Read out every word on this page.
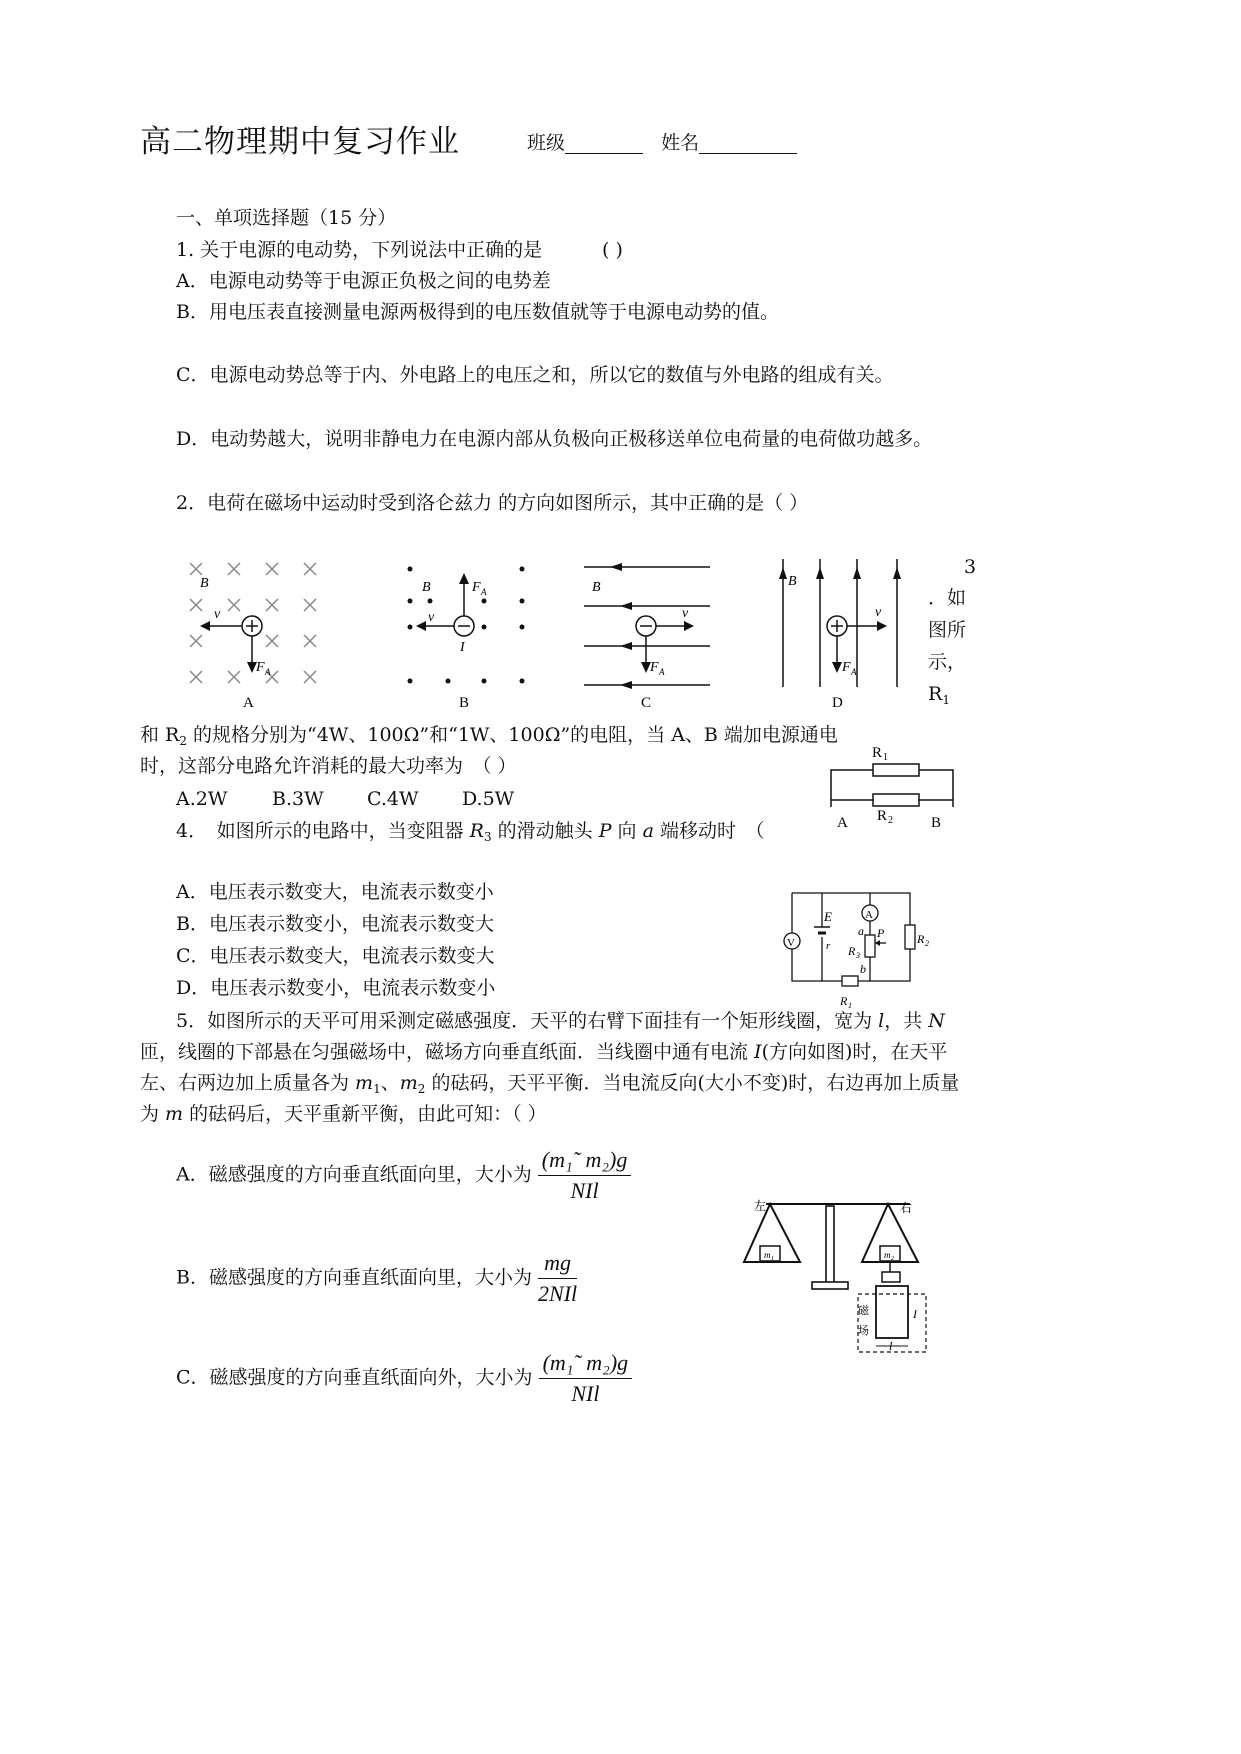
高二物理期中复习作业	班级	姓名
一、单项选择题（15 分）
1. 关于电源的电动势，下列说法中正确的是	( )
A．电源电动势等于电源正负极之间的电势差
B．用电压表直接测量电源两极得到的电压数值就等于电源电动势的值。
C．电源电动势总等于内、外电路上的电压之和，所以它的数值与外电路的组成有关。
D．电动势越大，说明非静电力在电源内部从负极向正极移送单位电荷量的电荷做功越多。
2．电荷在磁场中运动时受到洛仑兹力 的方向如图所示，其中正确的是（ ）
B
v
F A
A
B
v
F A
I
B
B
v
F A
C
B
v
F A
D
3
．如
图所
示，
$R_1$
和 $R_2$ 的规格分别为“4W、100Ω”和“1W、100Ω”的电阻，当 A、B 端加电源通电
时，这部分电路允许消耗的最大功率为　（ ）
A.2W B.3W C.4W D.5W
R 1
R 2
A	B
4．　如图所示的电路中，当变阻器 $R_3$ 的滑动触头 P 向 a 端移动时　（
A．电压表示数变大，电流表示数变小
B．电压表示数变小，电流表示数变大
C．电压表示数变大，电流表示数变大
D．电压表示数变小，电流表示数变小
V
A
E
r
a
b
P
R 3
R 2
R 1
5．如图所示的天平可用采测定磁感强度．天平的右臂下面挂有一个矩形线圈，宽为 l，共 N
匝，线圈的下部悬在匀强磁场中，磁场方向垂直纸面．当线圈中通有电流 I(方向如图)时，在天平
左、右两边加上质量各为 $m_1$、$m_2$ 的砝码，天平平衡．当电流反向(大小不变)时，右边再加上质量
为 m 的砝码后，天平重新平衡，由此可知：（ ）
A．磁感强度的方向垂直纸面向里，大小为 $\frac{\text{(m₁˜ m₂)g}}{\text{NIl}}$
B．磁感强度的方向垂直纸面向里，大小为 $\frac{mg}{\text{2NIl}}$
C．磁感强度的方向垂直纸面向外，大小为 $\frac{\text{(m₁˜ m₂)g}}{\text{NIl}}$
左	右
m 1	m 2
磁
场
I
l
